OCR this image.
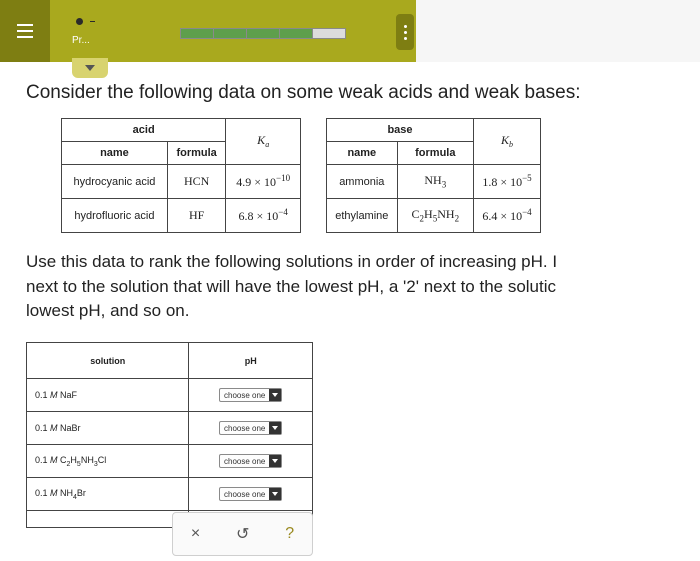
Pr...
Consider the following data on some weak acids and weak bases:
acid		$K_a$
name	formula	
hydrocyanic acid	HCN	$4.9 \times 10^{-10}$
hydrofluoric acid	HF	$6.8 \times 10^{-4}$
base		$K_b$
name	formula	
ammonia	$NH_3$	$1.8 \times 10^{-5}$
ethylamine	$C_2H_5NH_2$	$6.4 \times 10^{-4}$
Use this data to rank the following solutions in order of increasing pH. I
next to the solution that will have the lowest pH, a '2' next to the solutic
lowest pH, and so on.
solution	pH
0.1 M NaF	choose one

0.1 M NaBr	choose one

0.1 M $C_2H_5NH_3Cl$	choose one

0.1 M $NH_4Br$	choose one

× ↺ ?
